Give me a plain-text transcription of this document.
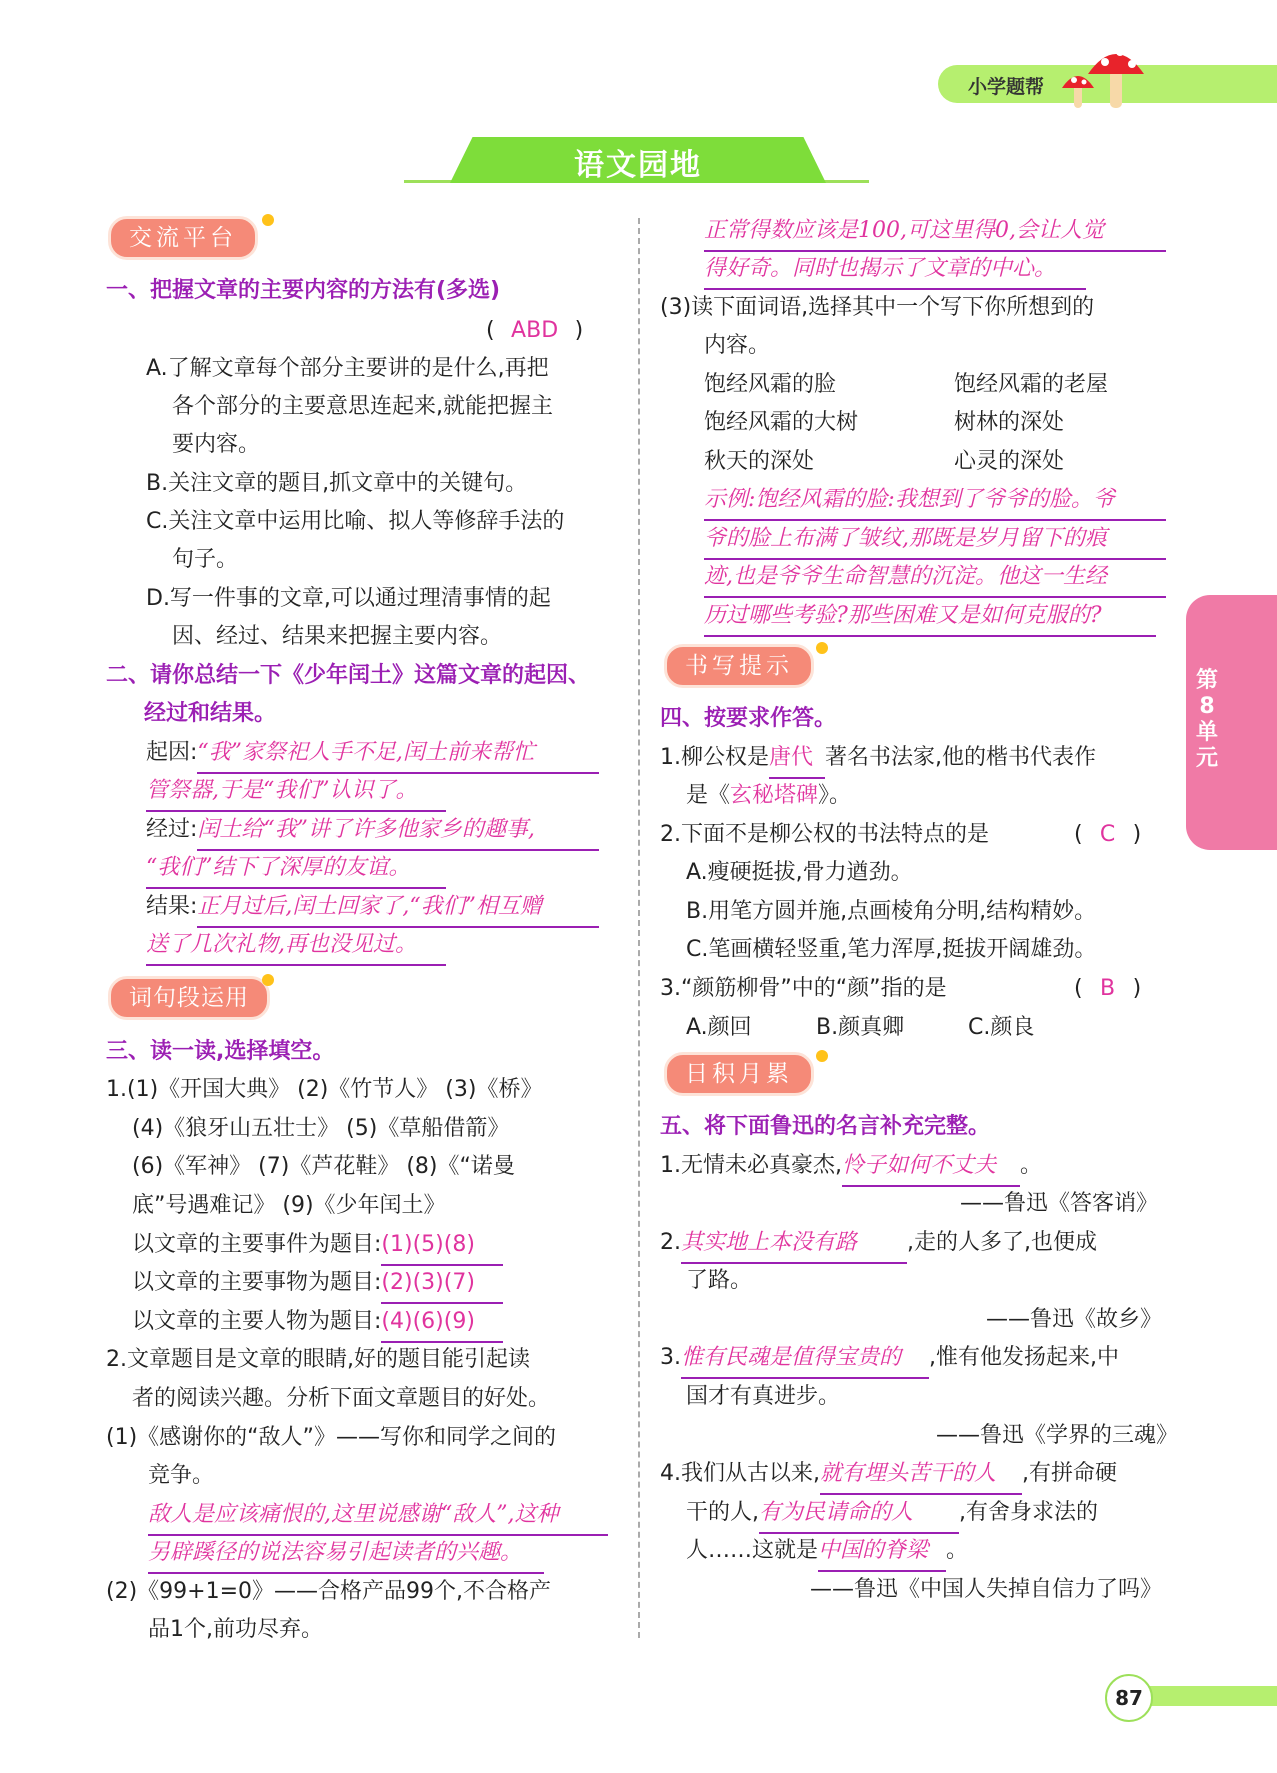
小学题帮
语文园地
交流平台
一、把握文章的主要内容的方法有(多选)
( ABD )
A.了解文章每个部分主要讲的是什么,再把
各个部分的主要意思连起来,就能把握主
要内容。
B.关注文章的题目,抓文章中的关键句。
C.关注文章中运用比喻、拟人等修辞手法的
句子。
D.写一件事的文章,可以通过理清事情的起
因、经过、结果来把握主要内容。
二、请你总结一下《少年闰土》这篇文章的起因、
经过和结果。
起因:“我”家祭祀人手不足,闰土前来帮忙
管祭器,于是“我们”认识了。
经过:闰土给“我”讲了许多他家乡的趣事,
“我们”结下了深厚的友谊。
结果:正月过后,闰土回家了,“我们”相互赠
送了几次礼物,再也没见过。
词句段运用
三、读一读,选择填空。
1.(1)《开国大典》 (2)《竹节人》 (3)《桥》
(4)《狼牙山五壮士》 (5)《草船借箭》
(6)《军神》 (7)《芦花鞋》 (8)《“诺曼
底”号遇难记》 (9)《少年闰土》
以文章的主要事件为题目:(1)(5)(8)
以文章的主要事物为题目:(2)(3)(7)
以文章的主要人物为题目:(4)(6)(9)
2.文章题目是文章的眼睛,好的题目能引起读
者的阅读兴趣。分析下面文章题目的好处。
(1)《感谢你的“敌人”》——写你和同学之间的
竞争。
敌人是应该痛恨的,这里说感谢“敌人”,这种
另辟蹊径的说法容易引起读者的兴趣。
(2)《99+1=0》——合格产品99个,不合格产
品1个,前功尽弃。
正常得数应该是100,可这里得0,会让人觉
得好奇。同时也揭示了文章的中心。
(3)读下面词语,选择其中一个写下你所想到的
内容。
饱经风霜的脸	饱经风霜的老屋
饱经风霜的大树	树林的深处
秋天的深处	心灵的深处
示例:饱经风霜的脸:我想到了爷爷的脸。爷
爷的脸上布满了皱纹,那既是岁月留下的痕
迹,也是爷爷生命智慧的沉淀。他这一生经
历过哪些考验?那些困难又是如何克服的?
书写提示
四、按要求作答。
1.柳公权是唐代 著名书法家,他的楷书代表作
是《玄秘塔碑》。
2.下面不是柳公权的书法特点的是	( C )
A.瘦硬挺拔,骨力遒劲。
B.用笔方圆并施,点画棱角分明,结构精妙。
C.笔画横轻竖重,笔力浑厚,挺拔开阔雄劲。
3.“颜筋柳骨”中的“颜”指的是	( B )
A.颜回	B.颜真卿	C.颜良
日积月累
五、将下面鲁迅的名言补充完整。
1.无情未必真豪杰,怜子如何不丈夫 。
——鲁迅《答客诮》
2.其实地上本没有路 ,走的人多了,也便成
了路。
——鲁迅《故乡》
3.惟有民魂是值得宝贵的 ,惟有他发扬起来,中
国才有真进步。
——鲁迅《学界的三魂》
4.我们从古以来,就有埋头苦干的人 ,有拼命硬
干的人,有为民请命的人 ,有舍身求法的
人……这就是中国的脊梁 。
——鲁迅《中国人失掉自信力了吗》
第8单元
87
